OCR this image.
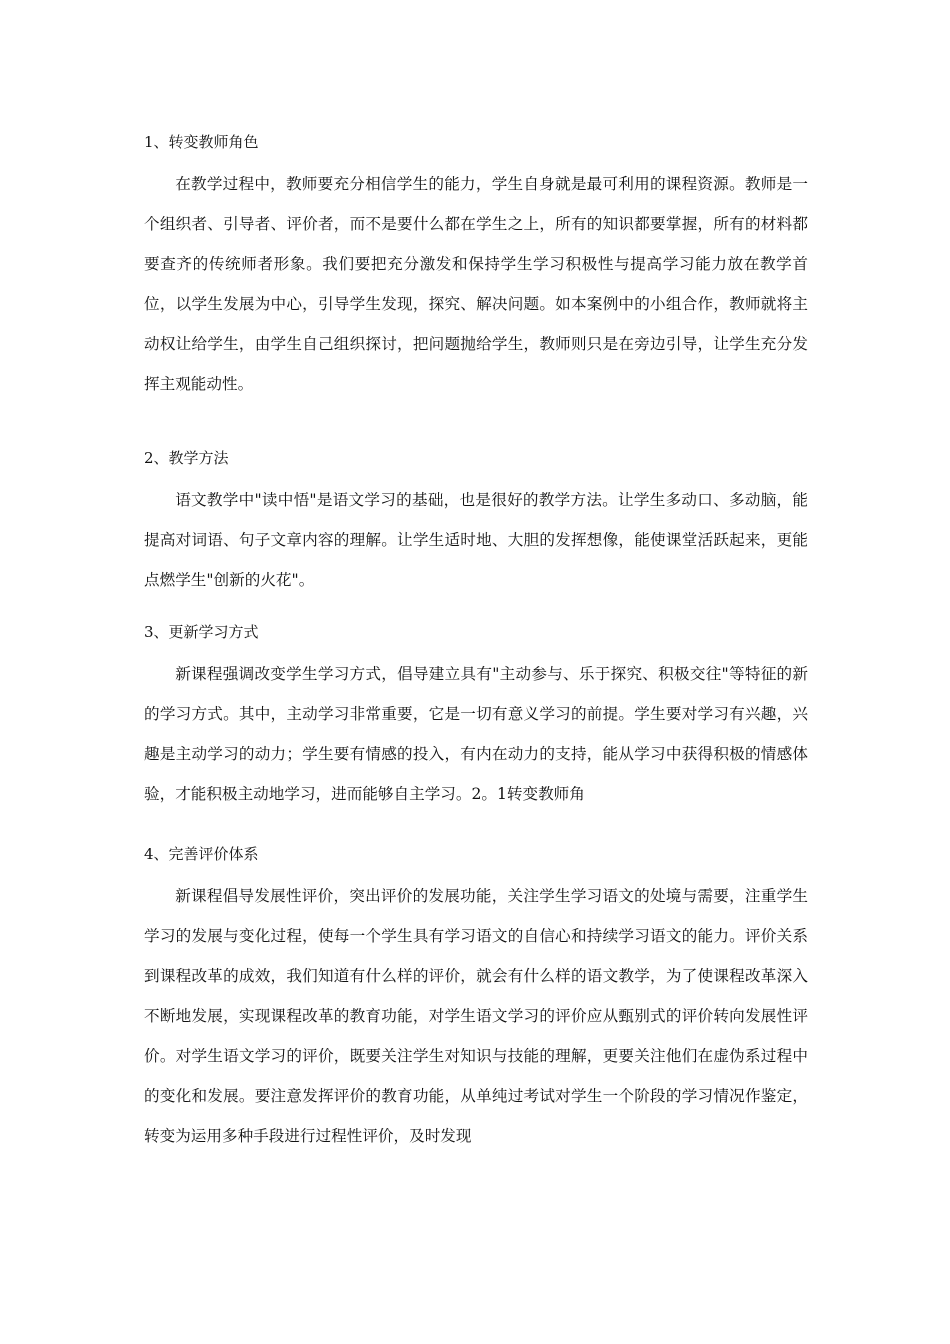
1、转变教师角色

在教学过程中，教师要充分相信学生的能力，学生自身就是最可利用的课程资源。教师是一个组织者、引导者、评价者，而不是要什么都在学生之上，所有的知识都要掌握，所有的材料都要查齐的传统师者形象。我们要把充分激发和保持学生学习积极性与提高学习能力放在教学首位，以学生发展为中心，引导学生发现，探究、解决问题。如本案例中的小组合作，教师就将主动权让给学生，由学生自己组织探讨，把问题抛给学生，教师则只是在旁边引导，让学生充分发挥主观能动性。

2、教学方法

语文教学中"读中悟"是语文学习的基础，也是很好的教学方法。让学生多动口、多动脑，能提高对词语、句子文章内容的理解。让学生适时地、大胆的发挥想像，能使课堂活跃起来，更能点燃学生"创新的火花"。

3、更新学习方式

新课程强调改变学生学习方式，倡导建立具有"主动参与、乐于探究、积极交往"等特征的新的学习方式。其中，主动学习非常重要，它是一切有意义学习的前提。学生要对学习有兴趣，兴趣是主动学习的动力；学生要有情感的投入，有内在动力的支持，能从学习中获得积极的情感体验，才能积极主动地学习，进而能够自主学习。2。1转变教师角

4、完善评价体系

新课程倡导发展性评价，突出评价的发展功能，关注学生学习语文的处境与需要，注重学生学习的发展与变化过程，使每一个学生具有学习语文的自信心和持续学习语文的能力。评价关系到课程改革的成效，我们知道有什么样的评价，就会有什么样的语文教学，为了使课程改革深入不断地发展，实现课程改革的教育功能，对学生语文学习的评价应从甄别式的评价转向发展性评价。对学生语文学习的评价，既要关注学生对知识与技能的理解，更要关注他们在虚伪系过程中的变化和发展。要注意发挥评价的教育功能，从单纯过考试对学生一个阶段的学习情况作鉴定，转变为运用多种手段进行过程性评价，及时发现
